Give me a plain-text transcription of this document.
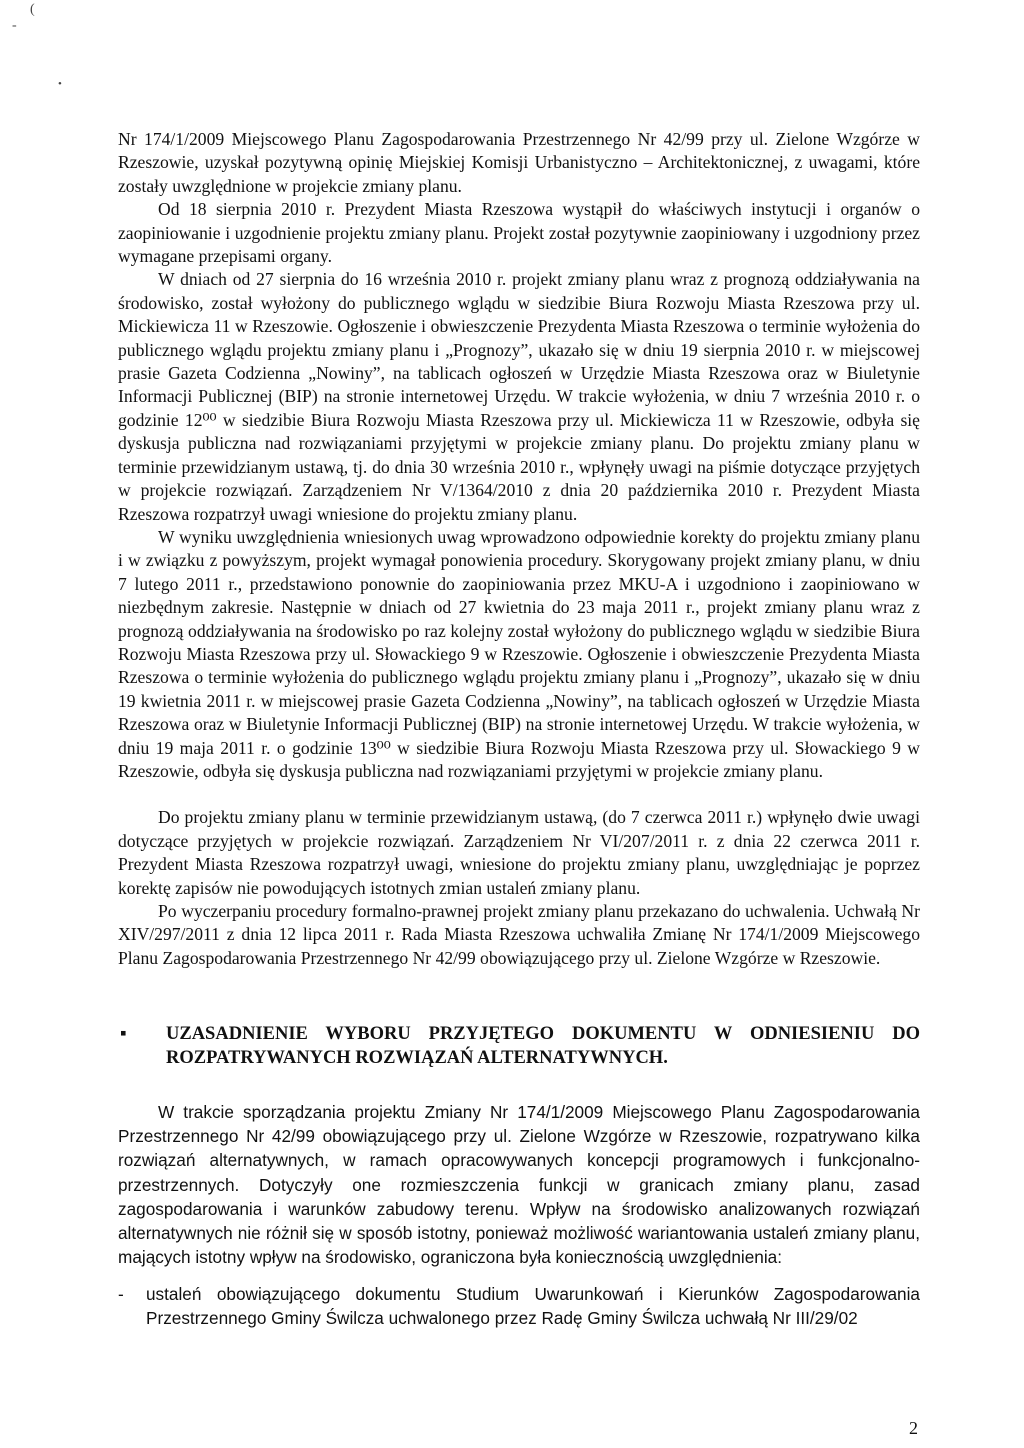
(
-
•

Nr 174/1/2009 Miejscowego Planu Zagospodarowania Przestrzennego Nr 42/99 przy ul. Zielone Wzgórze w Rzeszowie, uzyskał pozytywną opinię Miejskiej Komisji Urbanistyczno – Architektonicznej, z uwagami, które zostały uwzględnione w projekcie zmiany planu.

Od 18 sierpnia 2010 r. Prezydent Miasta Rzeszowa wystąpił do właściwych instytucji i organów o zaopiniowanie i uzgodnienie projektu zmiany planu. Projekt został pozytywnie zaopiniowany i uzgodniony przez wymagane przepisami organy.

W dniach od 27 sierpnia do 16 września 2010 r. projekt zmiany planu wraz z prognozą oddziaływania na środowisko, został wyłożony do publicznego wglądu w siedzibie Biura Rozwoju Miasta Rzeszowa przy ul. Mickiewicza 11 w Rzeszowie. Ogłoszenie i obwieszczenie Prezydenta Miasta Rzeszowa o terminie wyłożenia do publicznego wglądu projektu zmiany planu i „Prognozy”, ukazało się w dniu 19 sierpnia 2010 r. w miejscowej prasie Gazeta Codzienna „Nowiny”, na tablicach ogłoszeń w Urzędzie Miasta Rzeszowa oraz w Biuletynie Informacji Publicznej (BIP) na stronie internetowej Urzędu. W trakcie wyłożenia, w dniu 7 września 2010 r. o godzinie 12⁰⁰ w siedzibie Biura Rozwoju Miasta Rzeszowa przy ul. Mickiewicza 11 w Rzeszowie, odbyła się dyskusja publiczna nad rozwiązaniami przyjętymi w projekcie zmiany planu. Do projektu zmiany planu w terminie przewidzianym ustawą, tj. do dnia 30 września 2010 r., wpłynęły uwagi na piśmie dotyczące przyjętych w projekcie rozwiązań. Zarządzeniem Nr V/1364/2010 z dnia 20 października 2010 r. Prezydent Miasta Rzeszowa rozpatrzył uwagi wniesione do projektu zmiany planu.

W wyniku uwzględnienia wniesionych uwag wprowadzono odpowiednie korekty do projektu zmiany planu i w związku z powyższym, projekt wymagał ponowienia procedury. Skorygowany projekt zmiany planu, w dniu 7 lutego 2011 r., przedstawiono ponownie do zaopiniowania przez MKU-A i uzgodniono i zaopiniowano w niezbędnym zakresie. Następnie w dniach od 27 kwietnia do 23 maja 2011 r., projekt zmiany planu wraz z prognozą oddziaływania na środowisko po raz kolejny został wyłożony do publicznego wglądu w siedzibie Biura Rozwoju Miasta Rzeszowa przy ul. Słowackiego 9 w Rzeszowie. Ogłoszenie i obwieszczenie Prezydenta Miasta Rzeszowa o terminie wyłożenia do publicznego wglądu projektu zmiany planu i „Prognozy”, ukazało się w dniu 19 kwietnia 2011 r. w miejscowej prasie Gazeta Codzienna „Nowiny”, na tablicach ogłoszeń w Urzędzie Miasta Rzeszowa oraz w Biuletynie Informacji Publicznej (BIP) na stronie internetowej Urzędu. W trakcie wyłożenia, w dniu 19 maja 2011 r. o godzinie 13⁰⁰ w siedzibie Biura Rozwoju Miasta Rzeszowa przy ul. Słowackiego 9 w Rzeszowie, odbyła się dyskusja publiczna nad rozwiązaniami przyjętymi w projekcie zmiany planu.

Do projektu zmiany planu w terminie przewidzianym ustawą, (do 7 czerwca 2011 r.) wpłynęło dwie uwagi dotyczące przyjętych w projekcie rozwiązań. Zarządzeniem Nr VI/207/2011 r. z dnia 22 czerwca 2011 r. Prezydent Miasta Rzeszowa rozpatrzył uwagi, wniesione do projektu zmiany planu, uwzględniając je poprzez korektę zapisów nie powodujących istotnych zmian ustaleń zmiany planu.

Po wyczerpaniu procedury formalno-prawnej projekt zmiany planu przekazano do uchwalenia. Uchwałą Nr XIV/297/2011 z dnia 12 lipca 2011 r. Rada Miasta Rzeszowa uchwaliła Zmianę Nr 174/1/2009 Miejscowego Planu Zagospodarowania Przestrzennego Nr 42/99 obowiązującego przy ul. Zielone Wzgórze w Rzeszowie.

▪	UZASADNIENIE WYBORU PRZYJĘTEGO DOKUMENTU W ODNIESIENIU DO ROZPATRYWANYCH ROZWIĄZAŃ ALTERNATYWNYCH.

W trakcie sporządzania projektu Zmiany Nr 174/1/2009 Miejscowego Planu Zagospodarowania Przestrzennego Nr 42/99 obowiązującego przy ul. Zielone Wzgórze w Rzeszowie, rozpatrywano kilka rozwiązań alternatywnych, w ramach opracowywanych koncepcji programowych i funkcjonalno-przestrzennych. Dotyczyły one rozmieszczenia funkcji w granicach zmiany planu, zasad zagospodarowania i warunków zabudowy terenu. Wpływ na środowisko analizowanych rozwiązań alternatywnych nie różnił się w sposób istotny, ponieważ możliwość wariantowania ustaleń zmiany planu, mających istotny wpływ na środowisko, ograniczona była koniecznością uwzględnienia:

-	ustaleń obowiązującego dokumentu Studium Uwarunkowań i Kierunków Zagospodarowania Przestrzennego Gminy Świlcza uchwalonego przez Radę Gminy Świlcza uchwałą Nr III/29/02
2
